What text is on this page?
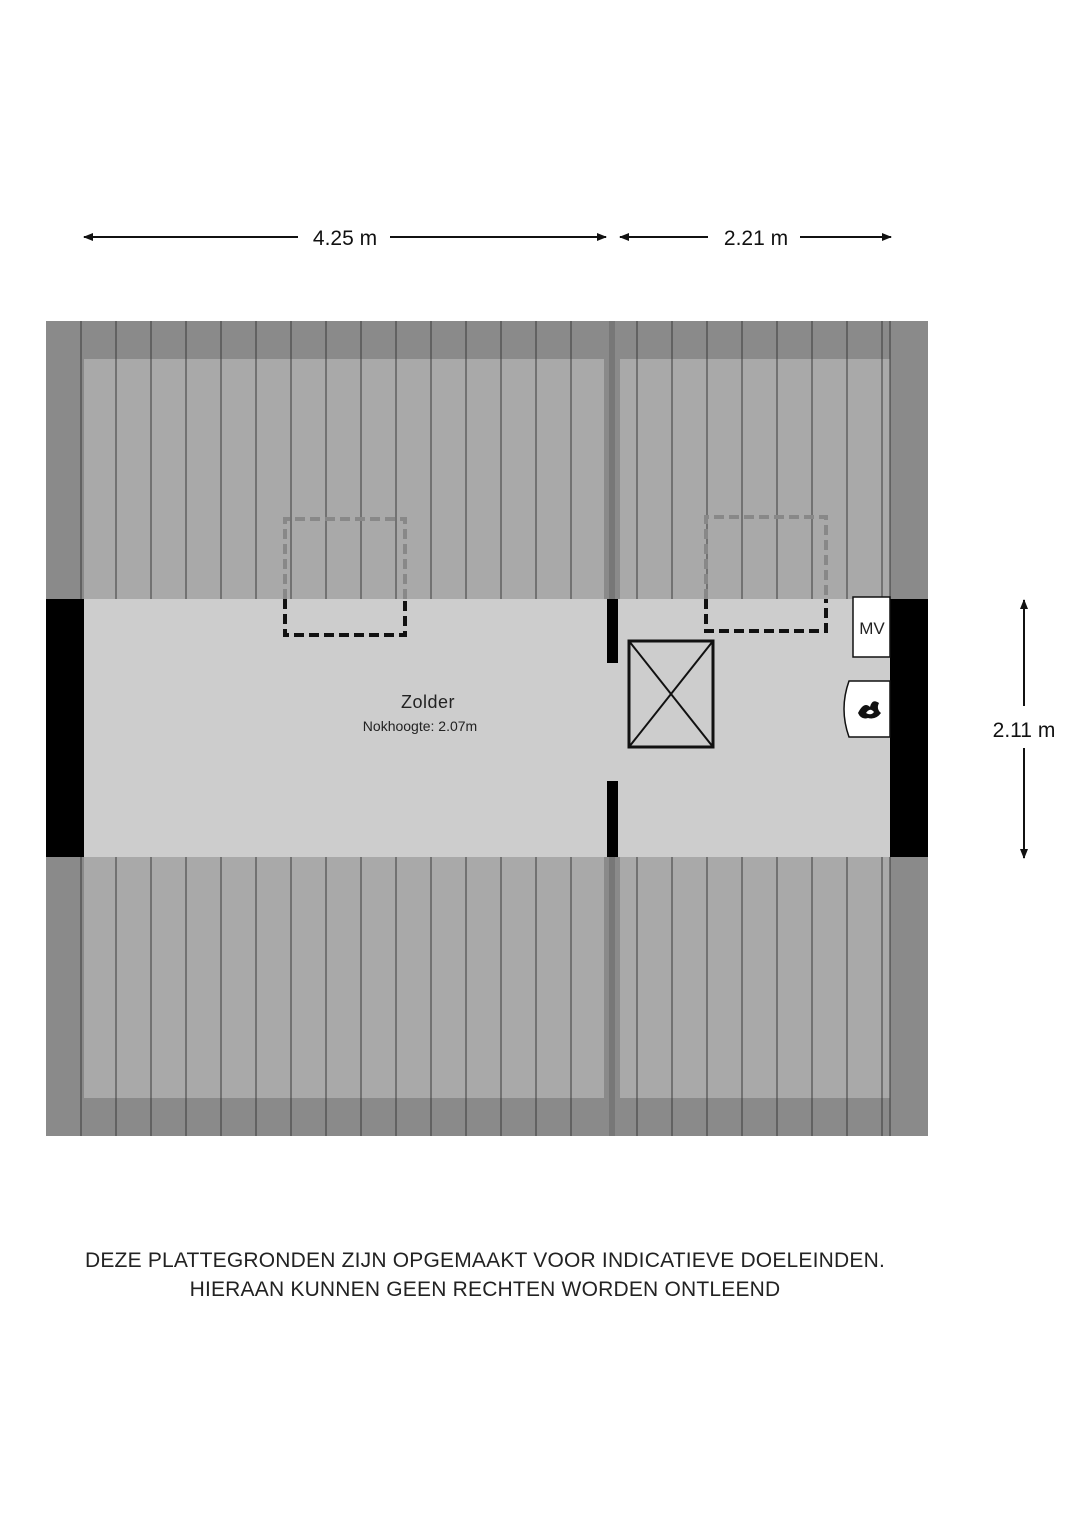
4.25 m	2.21 m
2.11 m
MV
Zolder
Nokhoogte: 2.07m
DEZE PLATTEGRONDEN ZIJN OPGEMAAKT VOOR INDICATIEVE DOELEINDEN.
HIERAAN KUNNEN GEEN RECHTEN WORDEN ONTLEEND
